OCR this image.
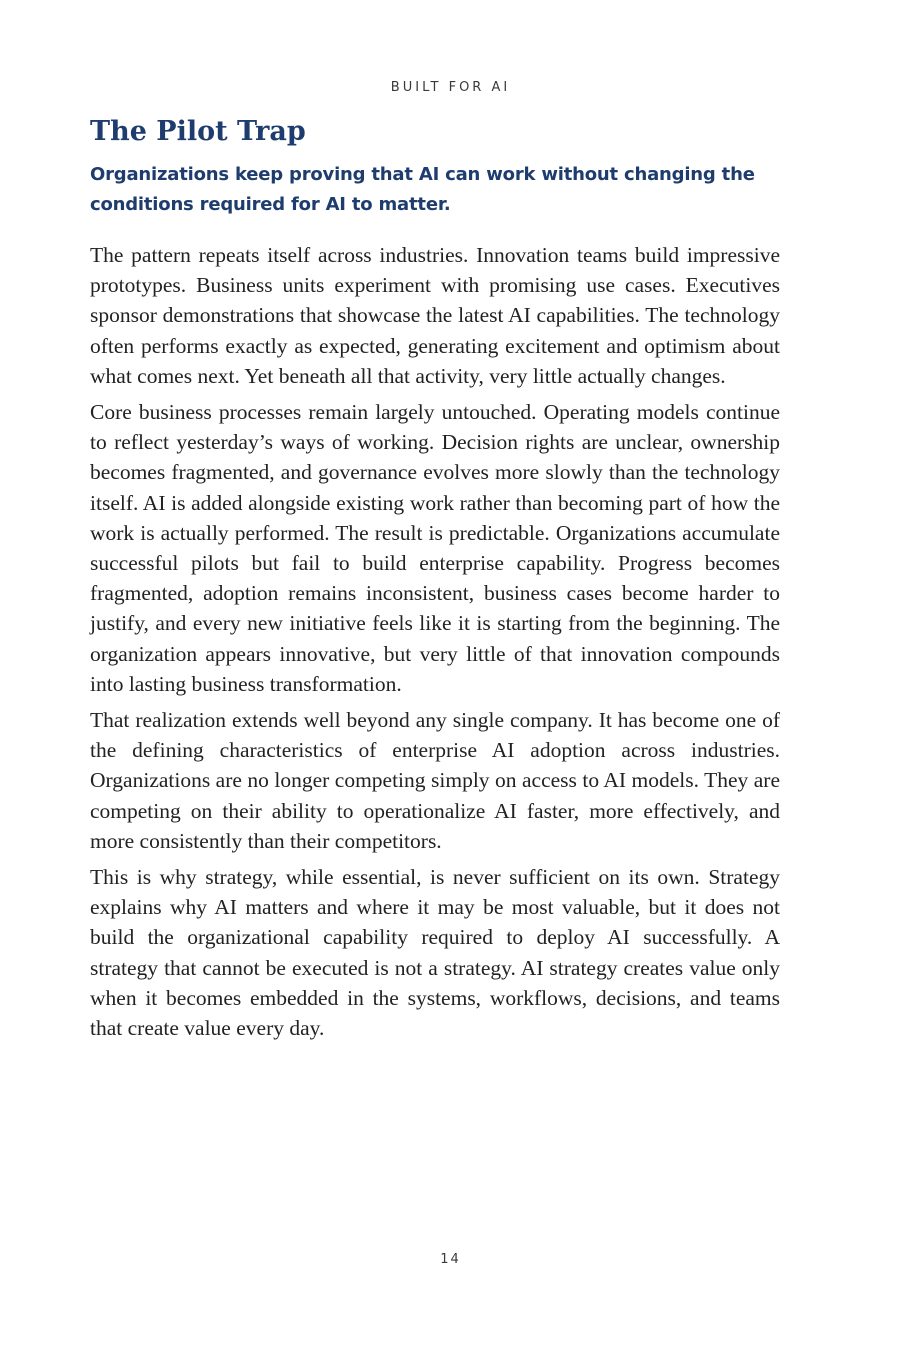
BUILT FOR AI
The Pilot Trap
Organizations keep proving that AI can work without changing the conditions required for AI to matter.

The pattern repeats itself across industries. Innovation teams build impressive prototypes. Business units experiment with promising use cases. Executives sponsor demonstrations that showcase the latest AI capabilities. The technology often performs exactly as expected, generating excitement and optimism about what comes next. Yet beneath all that activity, very little actually changes.

Core business processes remain largely untouched. Operating models continue to reflect yesterday’s ways of working. Decision rights are unclear, ownership becomes fragmented, and governance evolves more slowly than the technology itself. AI is added alongside existing work rather than becoming part of how the work is actually performed. The result is predictable. Organizations accumulate successful pilots but fail to build enterprise capability. Progress becomes fragmented, adoption remains inconsistent, business cases become harder to justify, and every new initiative feels like it is starting from the beginning. The organization appears innovative, but very little of that innovation compounds into lasting business transformation.

That realization extends well beyond any single company. It has become one of the defining characteristics of enterprise AI adoption across industries. Organizations are no longer competing simply on access to AI models. They are competing on their ability to operationalize AI faster, more effectively, and more consistently than their competitors.

This is why strategy, while essential, is never sufficient on its own. Strategy explains why AI matters and where it may be most valuable, but it does not build the organizational capability required to deploy AI successfully. A strategy that cannot be executed is not a strategy. AI strategy creates value only when it becomes embedded in the systems, workflows, decisions, and teams that create value every day.

14
